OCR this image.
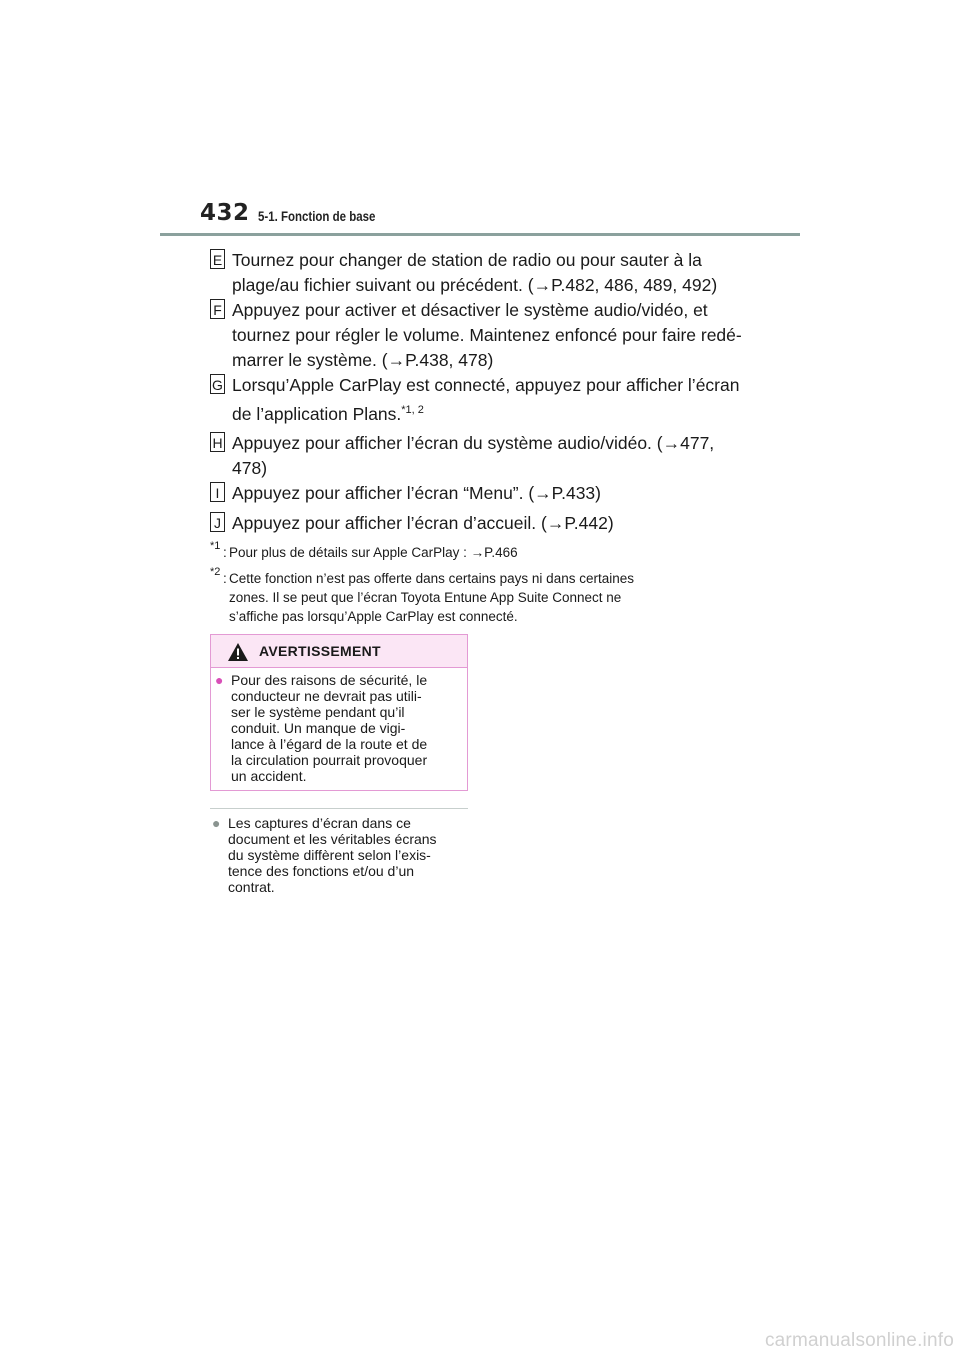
432 5-1. Fonction de base
E Tournez pour changer de station de radio ou pour sauter à la

plage/au fichier suivant ou précédent. (→P.482, 486, 489, 492)

F Appuyez pour activer et désactiver le système audio/vidéo, et

tournez pour régler le volume. Maintenez enfoncé pour faire redé-

marrer le système. (→P.438, 478)

G Lorsqu’Apple CarPlay est connecté, appuyez pour afficher l’écran

de l’application Plans.$^{*1, 2}$

H Appuyez pour afficher l’écran du système audio/vidéo. (→477,

478)

I Appuyez pour afficher l’écran “Menu”. (→P.433)

J Appuyez pour afficher l’écran d’accueil. (→P.442)

*1 : Pour plus de détails sur Apple CarPlay : →P.466

*2 : Cette fonction n’est pas offerte dans certains pays ni dans certaines

zones. Il se peut que l’écran Toyota Entune App Suite Connect ne

s’affiche pas lorsqu’Apple CarPlay est connecté.

AVERTISSEMENT
● Pour des raisons de sécurité, le

conducteur ne devrait pas utili-

ser le système pendant qu’il

conduit. Un manque de vigi-

lance à l’égard de la route et de

la circulation pourrait provoquer

un accident.

● Les captures d’écran dans ce

document et les véritables écrans

du système diffèrent selon l’exis-

tence des fonctions et/ou d’un

contrat.

carmanualsonline.info
